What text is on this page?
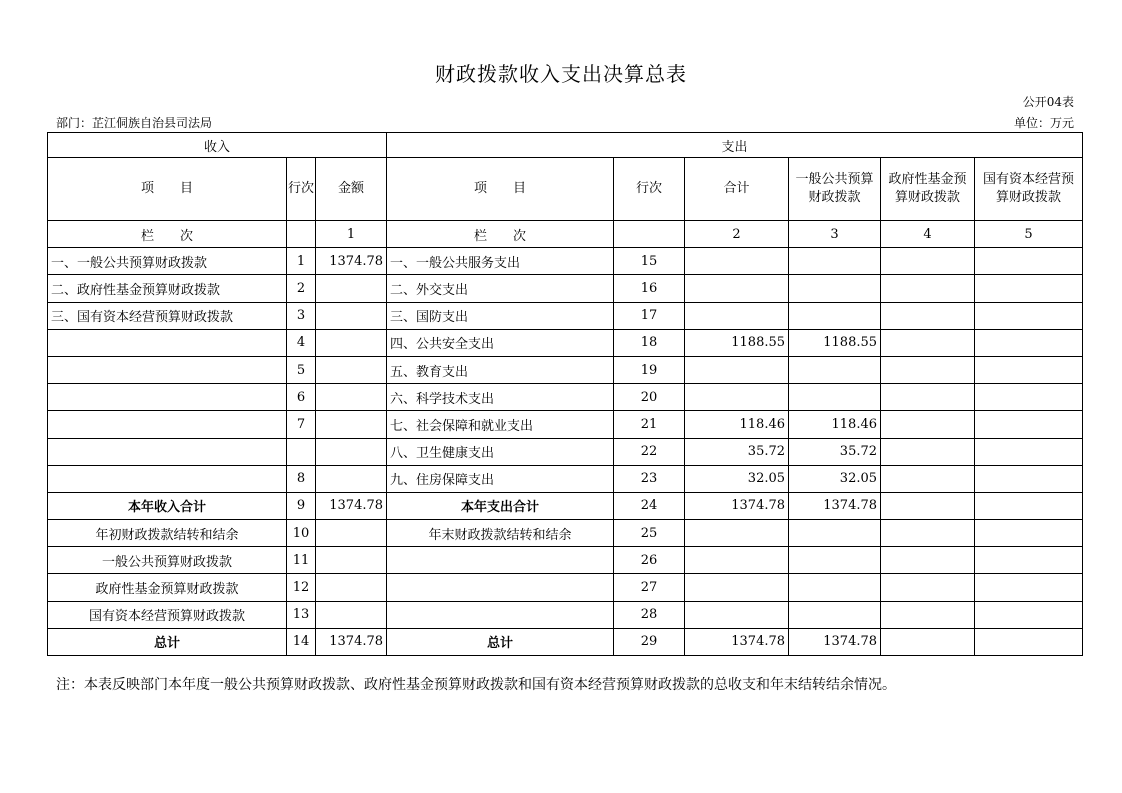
财政拨款收入支出决算总表
公开04表
部门：芷江侗族自治县司法局	单位：万元
收入			支出					
项　　目	行次	金额	项　　目	行次	合计	一般公共预算财政拨款	政府性基金预算财政拨款	国有资本经营预算财政拨款
栏　　次		1	栏　　次		2	3	4	5
一、一般公共预算财政拨款	1	1374.78	一、一般公共服务支出	15				
二、政府性基金预算财政拨款	2		二、外交支出	16				
三、国有资本经营预算财政拨款	3		三、国防支出	17				
	4		四、公共安全支出	18	1188.55	1188.55		
	5		五、教育支出	19				
	6		六、科学技术支出	20				
	7		七、社会保障和就业支出	21	118.46	118.46		
			八、卫生健康支出	22	35.72	35.72		
	8		九、住房保障支出	23	32.05	32.05		
本年收入合计	9	1374.78	本年支出合计	24	1374.78	1374.78		
年初财政拨款结转和结余	10		年末财政拨款结转和结余	25				
一般公共预算财政拨款	11			26				
政府性基金预算财政拨款	12			27				
国有资本经营预算财政拨款	13			28				
总计	14	1374.78	总计	29	1374.78	1374.78		
注：本表反映部门本年度一般公共预算财政拨款、政府性基金预算财政拨款和国有资本经营预算财政拨款的总收支和年末结转结余情况。
